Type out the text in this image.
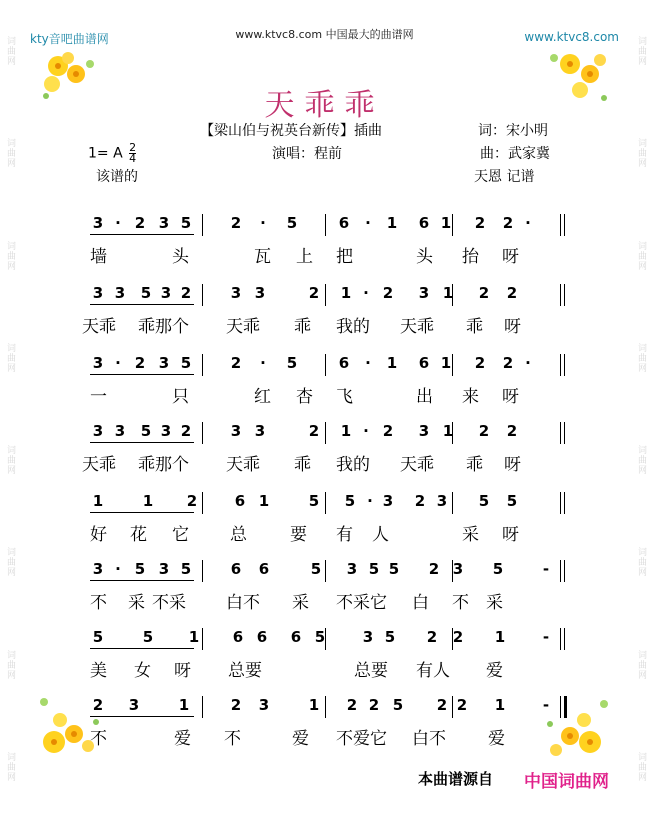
词曲网
词曲网
词曲网
词曲网
词曲网
词曲网
词曲网
词曲网
词曲网
词曲网
词曲网
词曲网
词曲网
词曲网
词曲网
词曲网
kty音吧曲谱网	www.ktvc8.com
www.ktvc8.com 中国最大的曲谱网
天乖乖
【梁山伯与祝英台新传】插曲	词：宋小明
1= A $\frac{2}{4}$	演唱：程前	曲：武家冀
该谱的	天恩 记谱
3 · 2 3 5	2 · 5	6 · 1 6 1 2 2 ·
墙	头	瓦 上 把	头 抬 呀
3 3 5 3 2	3 3	2 1 · 2 3 1 2 2
天乖 乖那个 天乖 乖 我的 天乖 乖 呀
3 · 2 3 5	2 · 5	6 · 1 6 1 2 2 ·
一	只	红 杏 飞	出 来 呀
3 3 5 3 2	3 3	2 1 · 2 3 1 2 2
天乖 乖那个 天乖 乖 我的 天乖 乖 呀
1	1 2	6 1	5 5 · 3 2 3 5 5
好 花 它 总	要 有 人	采 呀
3 · 5 3 5	6 6	5 3 5 5 2 3 5	-
不 采 不采 白不 采 不采它 白 不 采
5	5 1 6 6 6 5	3 5 2 2 1	-
美 女 呀 总要	总要 有人 爱
2 3	1	2 3	1 2 2 5 2 2 1	-
不	爱 不	爱 不爱它 白不 爱
本曲谱源自 中国词曲网
